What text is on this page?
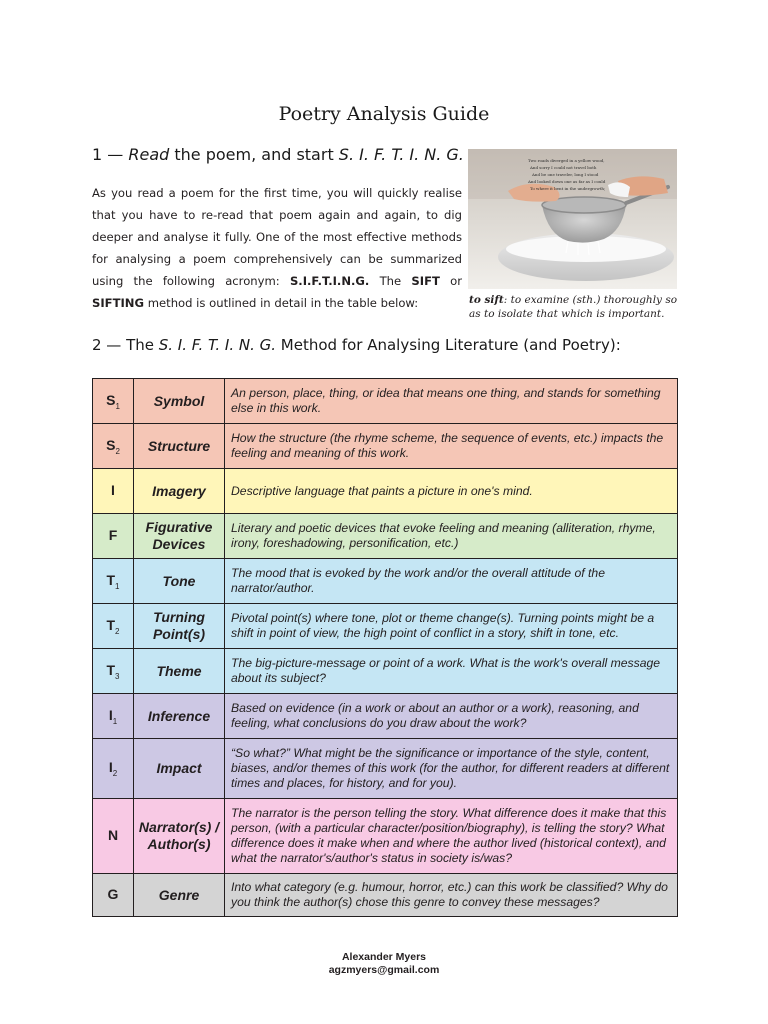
Poetry Analysis Guide
1 — Read the poem, and start S. I. F. T. I. N. G.
As you read a poem for the first time, you will quickly realise that you have to re-read that poem again and again, to dig deeper and analyse it fully. One of the most effective methods for analysing a poem comprehensively can be summarized using the following acronym: S.I.F.T.I.N.G. The SIFT or SIFTING method is outlined in detail in the table below:
Two roads diverged in a yellow wood,
And sorry I could not travel both
And be one traveler, long I stood
And looked down one as far as I could
To where it bent in the undergrowth;
to sift: to examine (sth.) thoroughly so as to isolate that which is important.
2 — The S. I. F. T. I. N. G. Method for Analysing Literature (and Poetry):
$S_1$	Symbol	An person, place, thing, or idea that means one thing, and stands for something else in this work.
$S_2$	Structure	How the structure (the rhyme scheme, the sequence of events, etc.) impacts the feeling and meaning of this work.
I	Imagery	Descriptive language that paints a picture in one's mind.
F	Figurative Devices	Literary and poetic devices that evoke feeling and meaning (alliteration, rhyme, irony, foreshadowing, personification, etc.)
$T_1$	Tone	The mood that is evoked by the work and/or the overall attitude of the narrator/author.
$T_2$	Turning Point(s)	Pivotal point(s) where tone, plot or theme change(s). Turning points might be a shift in point of view, the high point of conflict in a story, shift in tone, etc.
$T_3$	Theme	The big-picture-message or point of a work. What is the work's overall message about its subject?
$I_1$	Inference	Based on evidence (in a work or about an author or a work), reasoning, and feeling, what conclusions do you draw about the work?
$I_2$	Impact	“So what?” What might be the significance or importance of the style, content, biases, and/or themes of this work (for the author, for different readers at different times and places, for history, and for you).
N	Narrator(s) / Author(s)	The narrator is the person telling the story. What difference does it make that this person, (with a particular character/position/biography), is telling the story? What difference does it make when and where the author lived (historical context), and what the narrator's/author's status in society is/was?
G	Genre	Into what category (e.g. humour, horror, etc.) can this work be classified? Why do you think the author(s) chose this genre to convey these messages?
Alexander Myers
agzmyers@gmail.com
